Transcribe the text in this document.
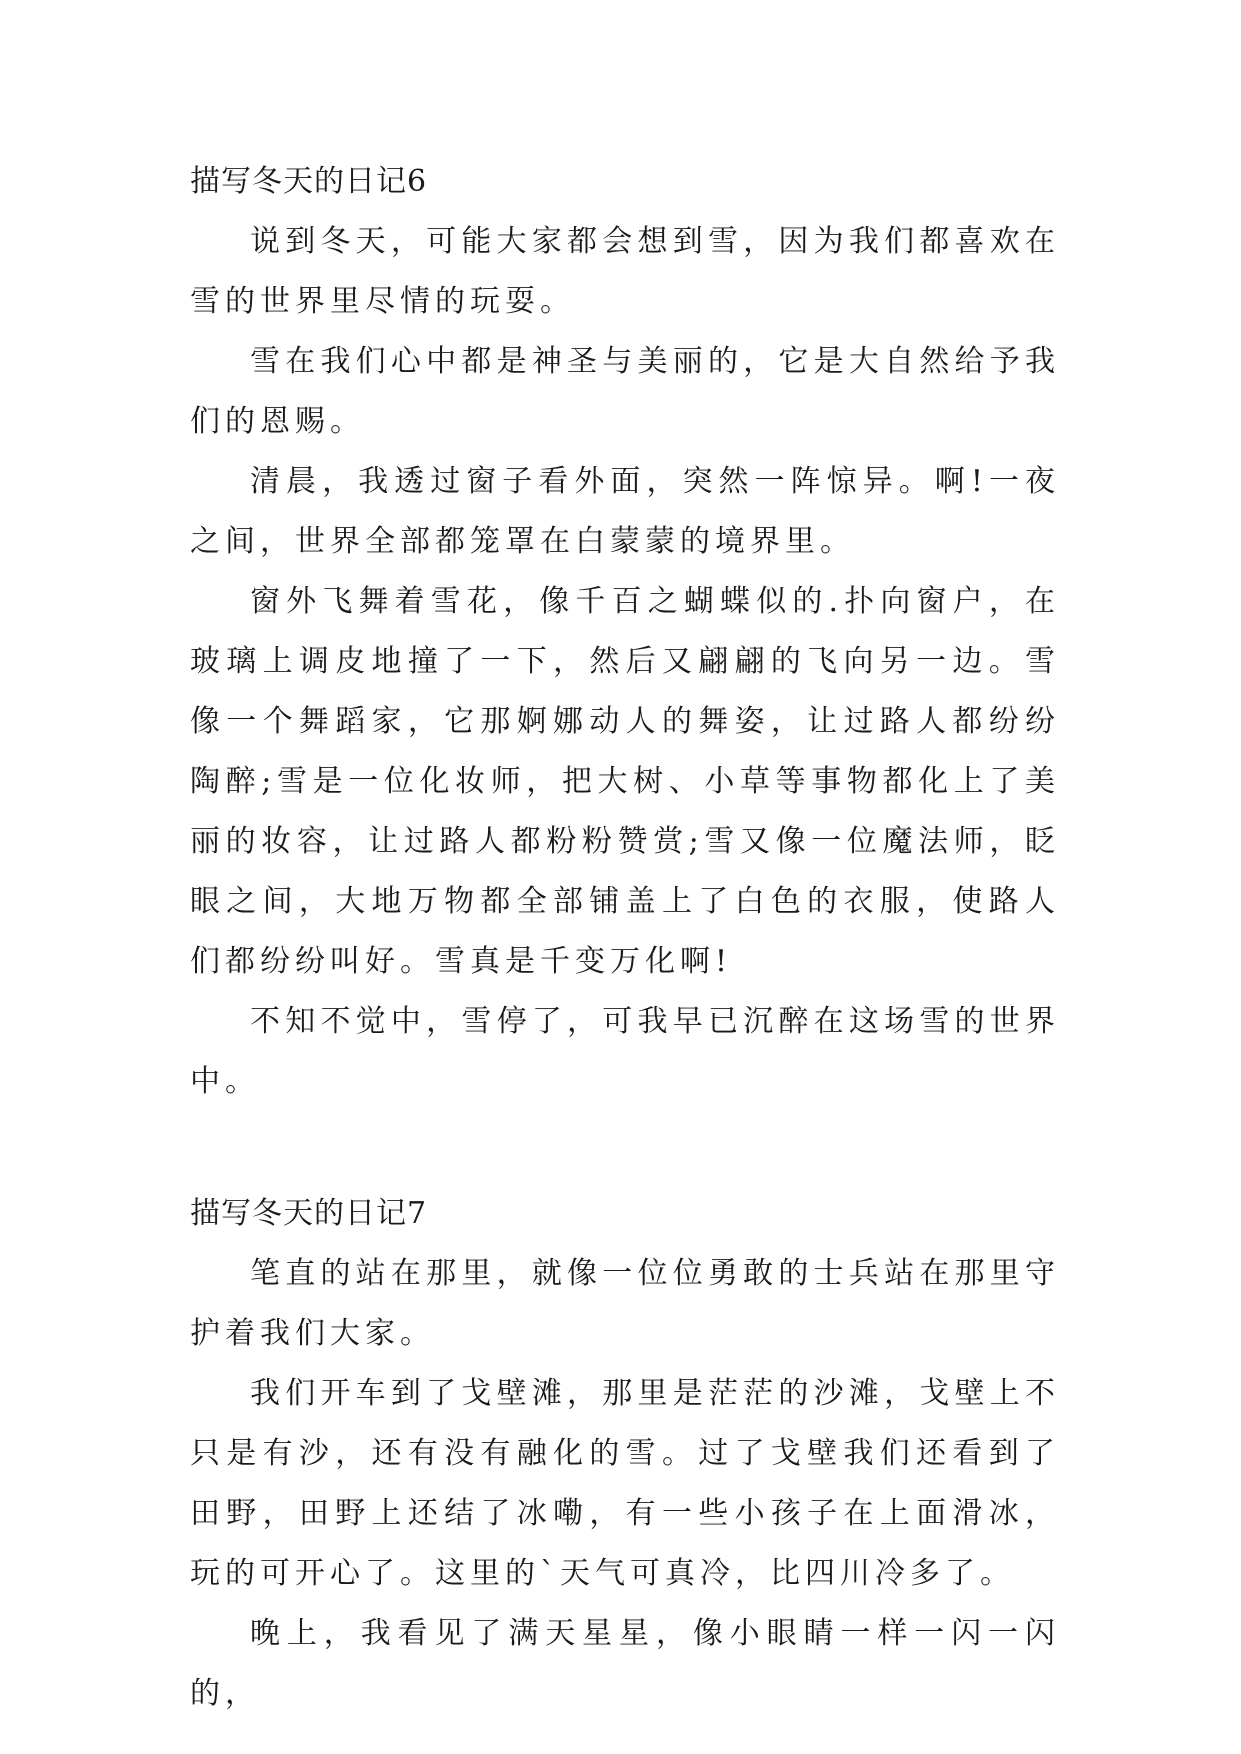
描写冬天的日记6

说到冬天，可能大家都会想到雪，因为我们都喜欢在雪的世界里尽情的玩耍。

雪在我们心中都是神圣与美丽的，它是大自然给予我们的恩赐。

清晨，我透过窗子看外面，突然一阵惊异。啊!一夜之间，世界全部都笼罩在白蒙蒙的境界里。

窗外飞舞着雪花，像千百之蝴蝶似的.扑向窗户，在玻璃上调皮地撞了一下，然后又翩翩的飞向另一边。雪像一个舞蹈家，它那婀娜动人的舞姿，让过路人都纷纷陶醉;雪是一位化妆师，把大树、小草等事物都化上了美丽的妆容，让过路人都粉粉赞赏;雪又像一位魔法师，眨眼之间，大地万物都全部铺盖上了白色的衣服，使路人们都纷纷叫好。雪真是千变万化啊!

不知不觉中，雪停了，可我早已沉醉在这场雪的世界中。

描写冬天的日记7

笔直的站在那里，就像一位位勇敢的士兵站在那里守护着我们大家。

我们开车到了戈壁滩，那里是茫茫的沙滩，戈壁上不只是有沙，还有没有融化的雪。过了戈壁我们还看到了田野，田野上还结了冰嘞，有一些小孩子在上面滑冰，玩的可开心了。这里的`天气可真冷，比四川冷多了。

晚上，我看见了满天星星，像小眼睛一样一闪一闪的，
